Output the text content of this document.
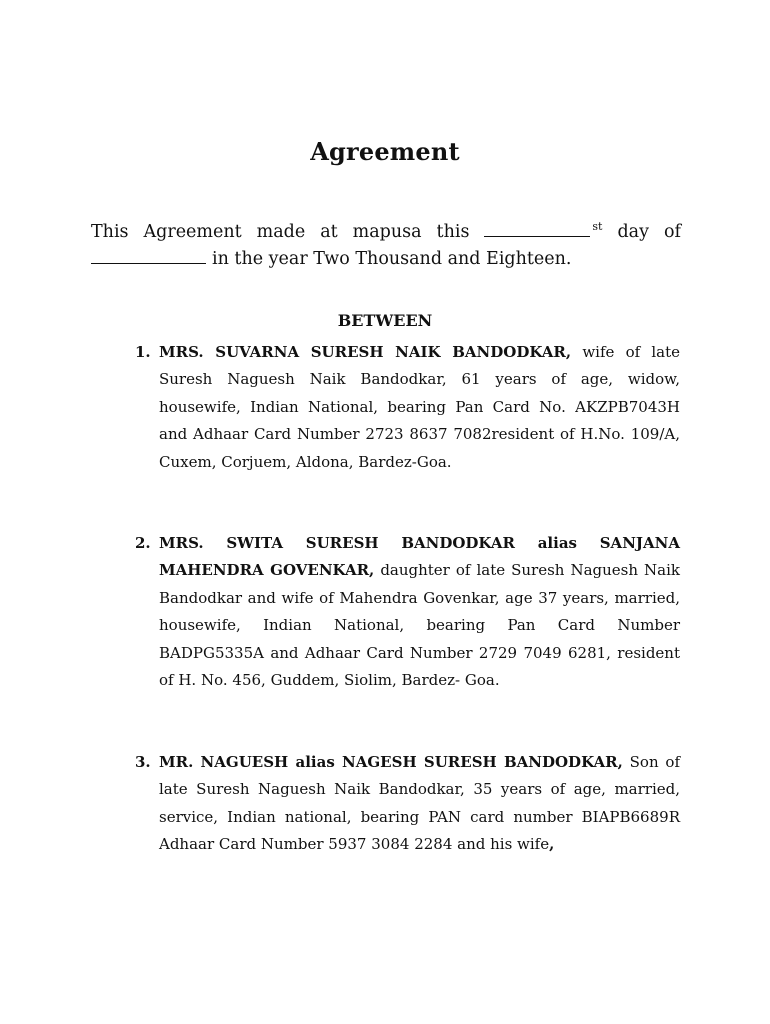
Agreement
This Agreement made at mapusa this	$^{st}$ day of
in the year Two Thousand and Eighteen.
BETWEEN
1. MRS. SUVARNA SURESH NAIK BANDODKAR, wife of late Suresh Naguesh Naik Bandodkar, 61 years of age, widow, housewife, Indian National, bearing Pan Card No. AKZPB7043H and Adhaar Card Number 2723 8637 7082resident of H.No. 109/A, Cuxem, Corjuem, Aldona, Bardez-Goa.
2. MRS. SWITA SURESH BANDODKAR alias SANJANA MAHENDRA GOVENKAR, daughter of late Suresh Naguesh Naik Bandodkar and wife of Mahendra Govenkar, age 37 years, married, housewife, Indian National, bearing Pan Card Number BADPG5335A and Adhaar Card Number 2729 7049 6281, resident of H. No. 456, Guddem, Siolim, Bardez- Goa.
3. MR. NAGUESH alias NAGESH SURESH BANDODKAR, Son of late Suresh Naguesh Naik Bandodkar, 35 years of age, married, service, Indian national, bearing PAN card number BIAPB6689R Adhaar Card Number 5937 3084 2284 and his wife,
